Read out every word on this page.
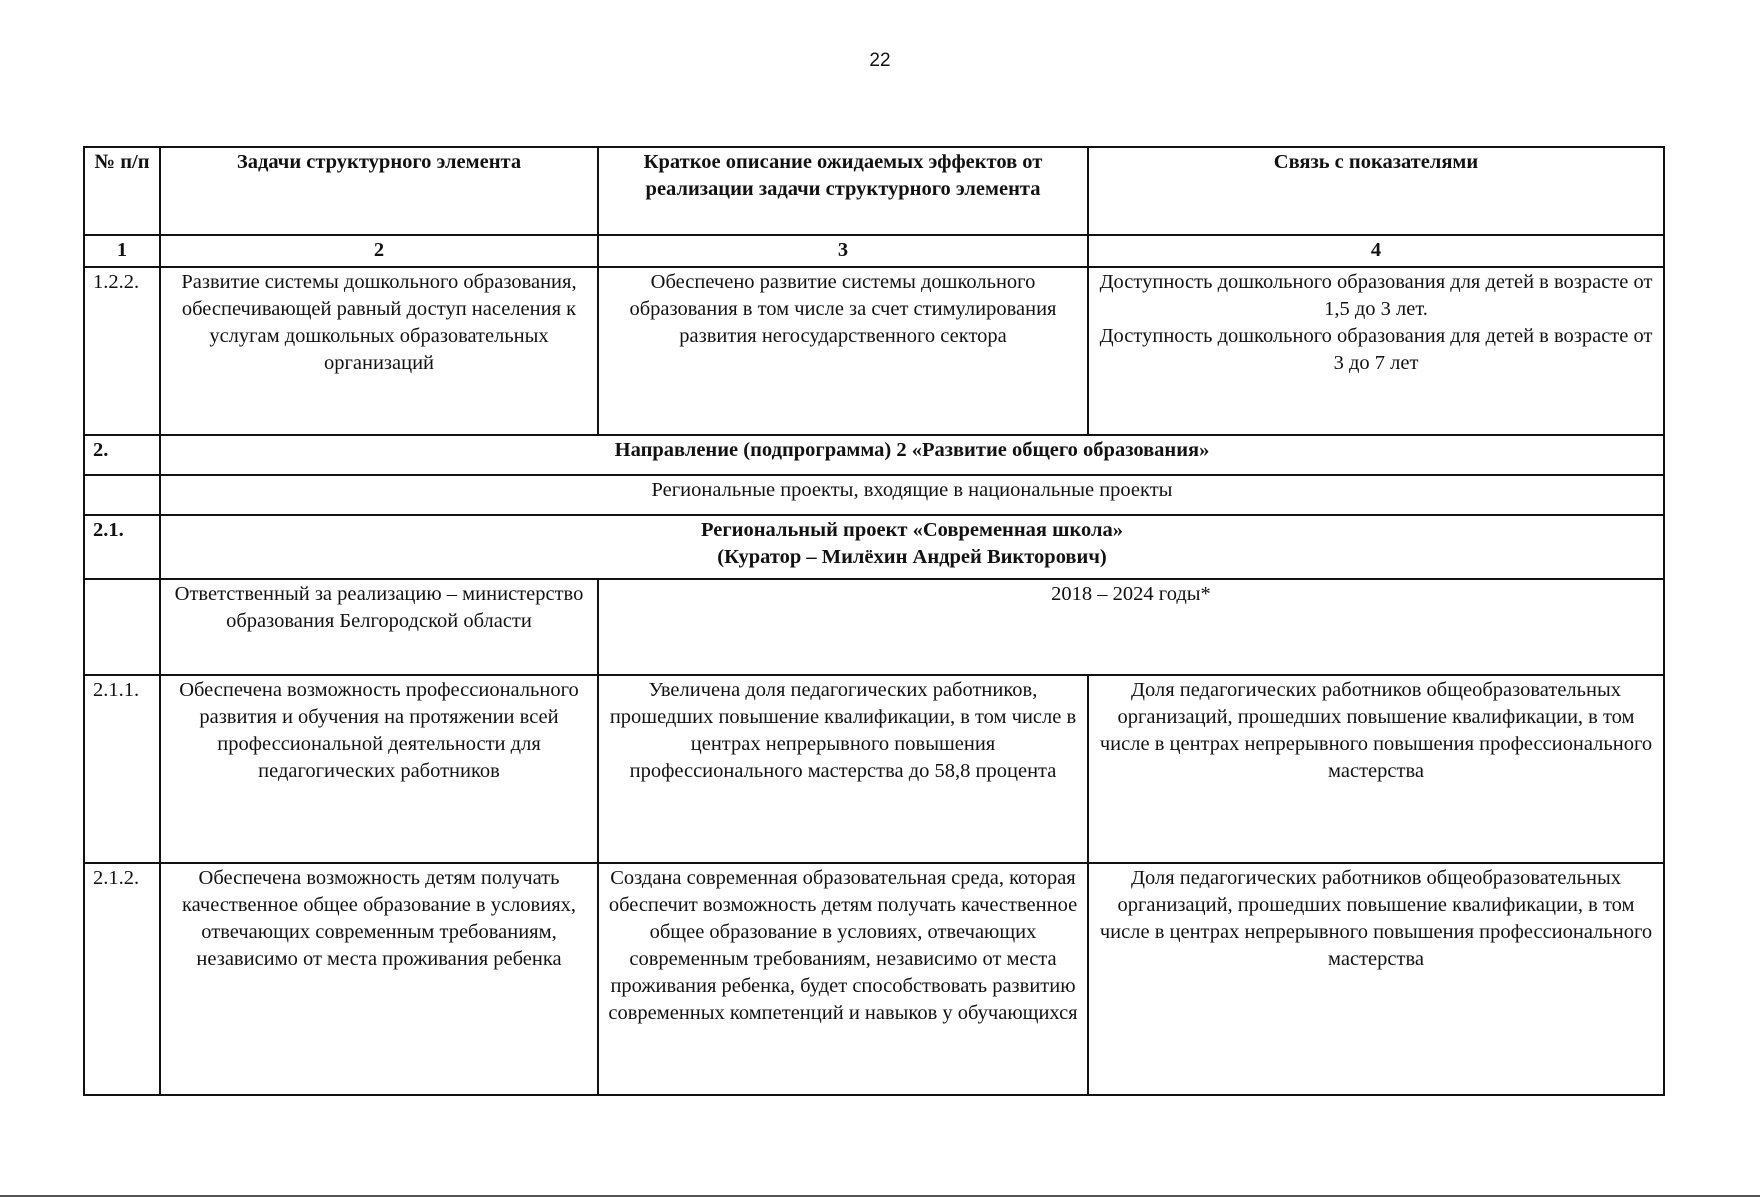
22
№ п/п	Задачи структурного элемента	Краткое описание ожидаемых эффектов от реализации задачи структурного элемента	Связь с показателями
1	2	3	4
1.2.2.	Развитие системы дошкольного образования, обеспечивающей равный доступ населения к услугам дошкольных образовательных организаций	Обеспечено развитие системы дошкольного образования в том числе за счет стимулирования развития негосударственного сектора	Доступность дошкольного образования для детей в возрасте от 1,5 до 3 лет.
Доступность дошкольного образования для детей в возрасте от 3 до 7 лет

2.	Направление (подпрограмма) 2 «Развитие общего образования»		
	Региональные проекты, входящие в национальные проекты		
2.1.	Региональный проект «Современная школа»
(Куратор – Милёхин Андрей Викторович)		

	Ответственный за реализацию – министерство образования Белгородской области	2018 – 2024 годы*	
2.1.1.	Обеспечена возможность профессионального развития и обучения на протяжении всей профессиональной деятельности для педагогических работников	Увеличена доля педагогических работников, прошедших повышение квалификации, в том числе в центрах непрерывного повышения профессионального мастерства до 58,8 процента	Доля педагогических работников общеобразовательных организаций, прошедших повышение квалификации, в том числе в центрах непрерывного повышения профессионального мастерства
2.1.2.	Обеспечена возможность детям получать качественное общее образование в условиях, отвечающих современным требованиям, независимо от места проживания ребенка	Создана современная образовательная среда, которая обеспечит возможность детям получать качественное общее образование в условиях, отвечающих современным требованиям, независимо от места проживания ребенка, будет способствовать развитию современных компетенций и навыков у обучающихся	Доля педагогических работников общеобразовательных организаций, прошедших повышение квалификации, в том числе в центрах непрерывного повышения профессионального мастерства
